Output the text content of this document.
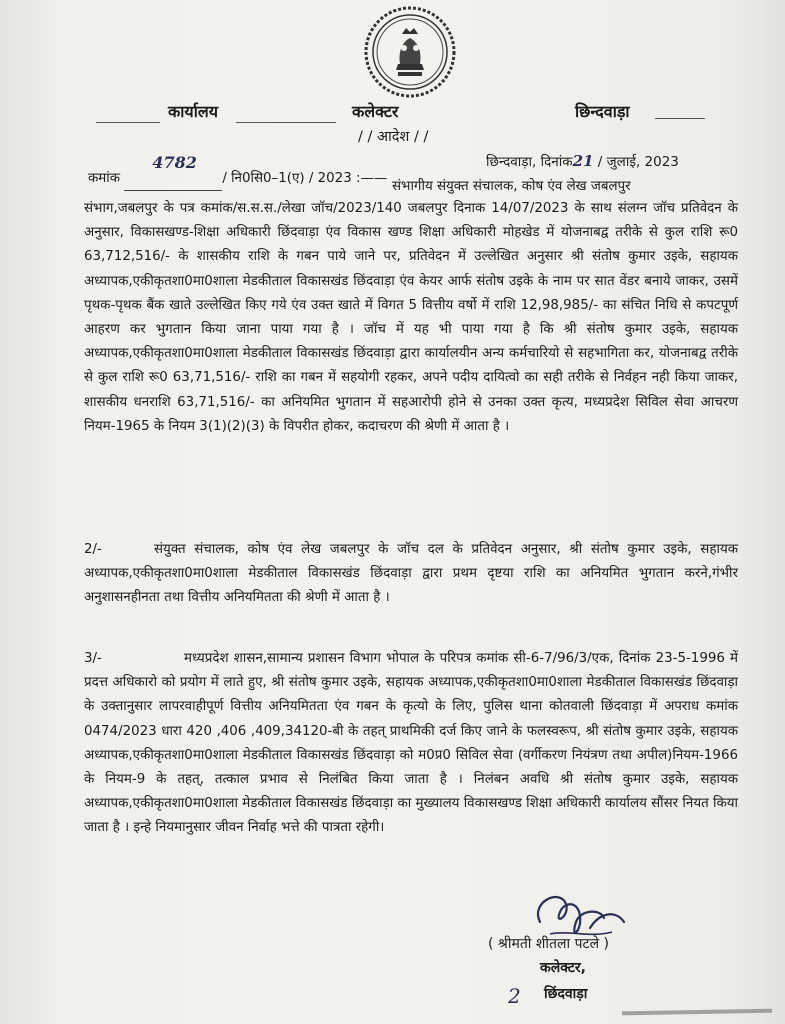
कार्यालय	कलेक्टर	छिन्दवाड़ा
/ / आदेश / /
छिन्दवाड़ा, दिनांक21 / जुलाई, 2023
कमांक
4782
/ नि0सि0–1(ए) / 2023 :——
संभागीय संयुक्त संचालक, कोष एंव लेख जबलपुर
संभाग,जबलपुर के पत्र कमांक/स.स.स./लेखा जॉच/2023/140 जबलपुर दिनाक 14/07/2023 के साथ संलग्न जॉच प्रतिवेदन के अनुसार, विकासखण्ड-शिक्षा अधिकारी छिंदवाड़ा एंव विकास खण्ड शिक्षा अधिकारी मोहखेड में योजनाबद्व तरीके से कुल राशि रू0 63,712,516/- के शासकीय राशि के गबन पाये जाने पर, प्रतिवेदन में उल्लेखित अनुसार श्री संतोष कुमार उइके, सहायक अध्यापक,एकीकृतशा0मा0शाला मेडकीताल विकासखंड छिंदवाड़ा एंव केयर आर्फ संतोष उइके के नाम पर सात वेंडर बनाये जाकर, उसमें पृथक-पृथक बैंक खाते उल्लेखित किए गये एंव उक्त खाते में विगत 5 वित्तीय वर्षो में राशि 12,98,985/- का संचित निधि से कपटपूर्ण आहरण कर भुगतान किया जाना पाया गया है । जॉच में यह भी पाया गया है कि श्री संतोष कुमार उइके, सहायक अध्यापक,एकीकृतशा0मा0शाला मेडकीताल विकासखंड छिंदवाड़ा द्वारा कार्यालयीन अन्य कर्मचारियो से सहभागिता कर, योजनाबद्व तरीके से कुल राशि रू0 63,71,516/- राशि का गबन में सहयोगी रहकर, अपने पदीय दायित्वो का सही तरीके से निर्वहन नही किया जाकर, शासकीय धनराशि 63,71,516/- का अनियमित भुगतान में सहआरोपी होने से उनका उक्त कृत्य, मध्यप्रदेश सिविल सेवा आचरण नियम-1965 के नियम 3(1)(2)(3) के विपरीत होकर, कदाचरण की श्रेणी में आता है ।
2/-	संयुक्त संचालक, कोष एंव लेख जबलपुर के जॉच दल के प्रतिवेदन अनुसार, श्री संतोष कुमार उइके, सहायक अध्यापक,एकीकृतशा0मा0शाला मेडकीताल विकासखंड छिंदवाड़ा द्वारा प्रथम दृष्टया राशि का अनियमित भुगतान करने,गंभीर अनुशासनहीनता तथा वित्तीय अनियमितता की श्रेणी में आता है ।
3/-	मध्यप्रदेश शासन,सामान्य प्रशासन विभाग भोपाल के परिपत्र कमांक सी-6-7/96/3/एक, दिनांक 23-5-1996 में प्रदत्त अधिकारो को प्रयोग में लाते हुए, श्री संतोष कुमार उइके, सहायक अध्यापक,एकीकृतशा0मा0शाला मेडकीताल विकासखंड छिंदवाड़ा के उक्तानुसार लापरवाहीपूर्ण वित्तीय अनियमितता एंव गबन के कृत्यो के लिए, पुलिस थाना कोतवाली छिंदवाड़ा में अपराध कमांक 0474/2023 धारा 420 ,406 ,409,34120-बी के तहत् प्राथमिकी दर्ज किए जाने के फलस्वरूप, श्री संतोष कुमार उइके, सहायक अध्यापक,एकीकृतशा0मा0शाला मेडकीताल विकासखंड छिंदवाड़ा को म0प्र0 सिविल सेवा (वर्गीकरण नियंत्रण तथा अपील)नियम-1966 के नियम-9 के तहत्, तत्काल प्रभाव से निलंबित किया जाता है । निलंबन अवधि श्री संतोष कुमार उइके, सहायक अध्यापक,एकीकृतशा0मा0शाला मेडकीताल विकासखंड छिंदवाड़ा का मुख्यालय विकासखण्ड शिक्षा अधिकारी कार्यालय सौंसर नियत किया जाता है । इन्हे नियमानुसार जीवन निर्वाह भत्ते की पात्रता रहेगी।
( श्रीमती शीतला पटले )
कलेक्टर,
2 छिंदवाड़ा
